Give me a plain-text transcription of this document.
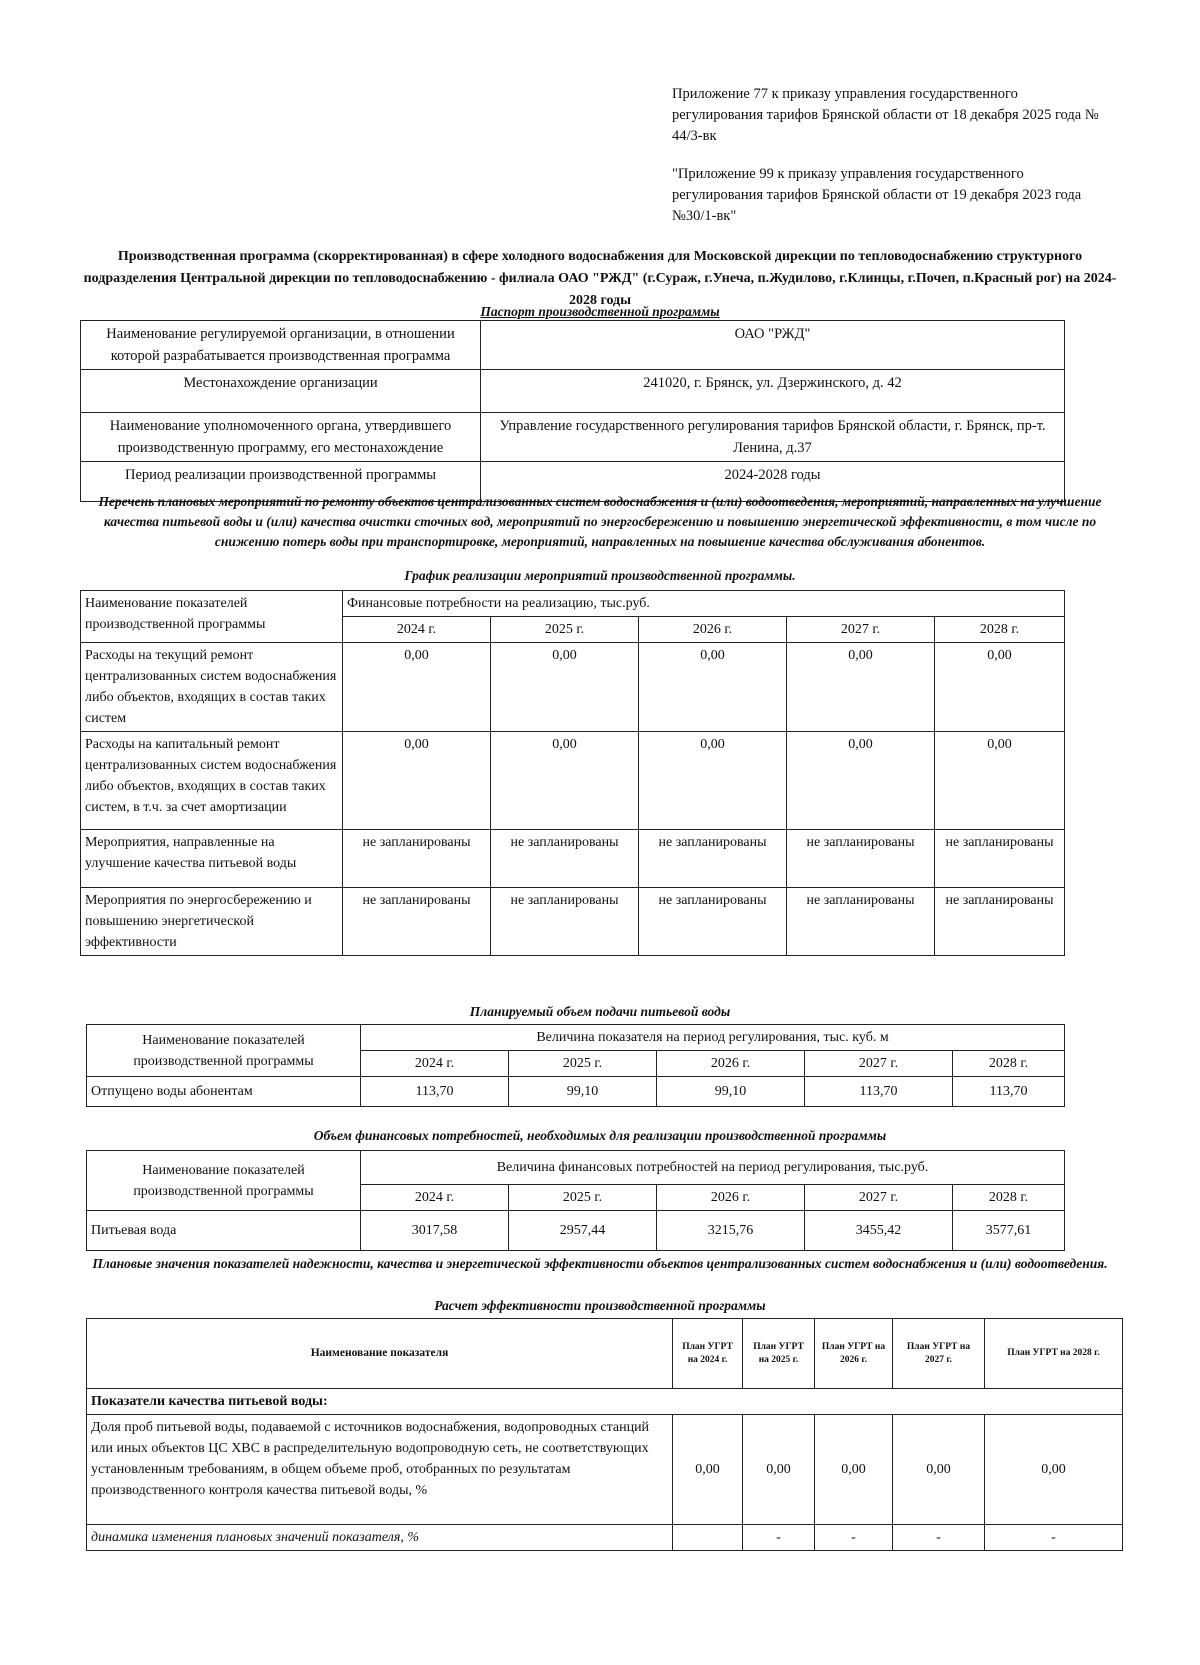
Приложение 77 к приказу управления государственного регулирования тарифов Брянской области от 18 декабря 2025 года № 44/3-вк
"Приложение 99 к приказу управления государственного регулирования тарифов Брянской области от 19 декабря 2023 года №30/1-вк"
Производственная программа (скорректированная) в сфере холодного водоснабжения для Московской дирекции по тепловодоснабжению структурного подразделения Центральной дирекции по тепловодоснабжению - филиала ОАО "РЖД" (г.Сураж, г.Унеча, п.Жудилово, г.Клинцы, г.Почеп, п.Красный рог) на 2024-2028 годы
Паспорт производственной программы
Наименование регулируемой организации, в отношении которой разрабатывается производственная программа	ОАО "РЖД"
Местонахождение организации	241020, г. Брянск, ул. Дзержинского, д. 42
Наименование уполномоченного органа, утвердившего производственную программу, его местонахождение	Управление государственного регулирования тарифов Брянской области, г. Брянск, пр-т. Ленина, д.37
Период реализации производственной программы	2024-2028 годы
Перечень плановых мероприятий по ремонту объектов централизованных систем водоснабжения и (или) водоотведения, мероприятий, направленных на улучшение качества питьевой воды и (или) качества очистки сточных вод, мероприятий по энергосбережению и повышению энергетической эффективности, в том числе по снижению потерь воды при транспортировке, мероприятий, направленных на повышение качества обслуживания абонентов.
График реализации мероприятий производственной программы.
Наименование показателей производственной программы	Финансовые потребности на реализацию, тыс.руб.				
	2024 г.	2025 г.	2026 г.	2027 г.	2028 г.
Расходы на текущий ремонт централизованных систем водоснабжения либо объектов, входящих в состав таких систем	0,00	0,00	0,00	0,00	0,00
Расходы на капитальный ремонт централизованных систем водоснабжения либо объектов, входящих в состав таких систем, в т.ч. за счет амортизации	0,00	0,00	0,00	0,00	0,00
Мероприятия, направленные на улучшение качества питьевой воды	не запланированы	не запланированы	не запланированы	не запланированы	не запланированы
Мероприятия по энергосбережению и повышению энергетической эффективности	не запланированы	не запланированы	не запланированы	не запланированы	не запланированы
Планируемый объем подачи питьевой воды
Наименование показателей производственной программы	Величина показателя на период регулирования, тыс. куб. м				
	2024 г.	2025 г.	2026 г.	2027 г.	2028 г.
Отпущено воды абонентам	113,70	99,10	99,10	113,70	113,70
Объем финансовых потребностей, необходимых для реализации производственной программы
Наименование показателей производственной программы	Величина финансовых потребностей на период регулирования, тыс.руб.				
	2024 г.	2025 г.	2026 г.	2027 г.	2028 г.
Питьевая вода	3017,58	2957,44	3215,76	3455,42	3577,61
Плановые значения показателей надежности, качества и энергетической эффективности объектов централизованных систем водоснабжения и (или) водоотведения.
Расчет эффективности производственной программы
Наименование показателя	План УГРТ на 2024 г.	План УГРТ на 2025 г.	План УГРТ на 2026 г.	План УГРТ на 2027 г.	План УГРТ на 2028 г.
Показатели качества питьевой воды:					
Доля проб питьевой воды, подаваемой с источников водоснабжения, водопроводных станций или иных объектов ЦС ХВС в распределительную водопроводную сеть, не соответствующих установленным требованиям, в общем объеме проб, отобранных по результатам производственного контроля качества питьевой воды, %	0,00	0,00	0,00	0,00	0,00
динамика изменения плановых значений показателя, %		-	-	-	-
